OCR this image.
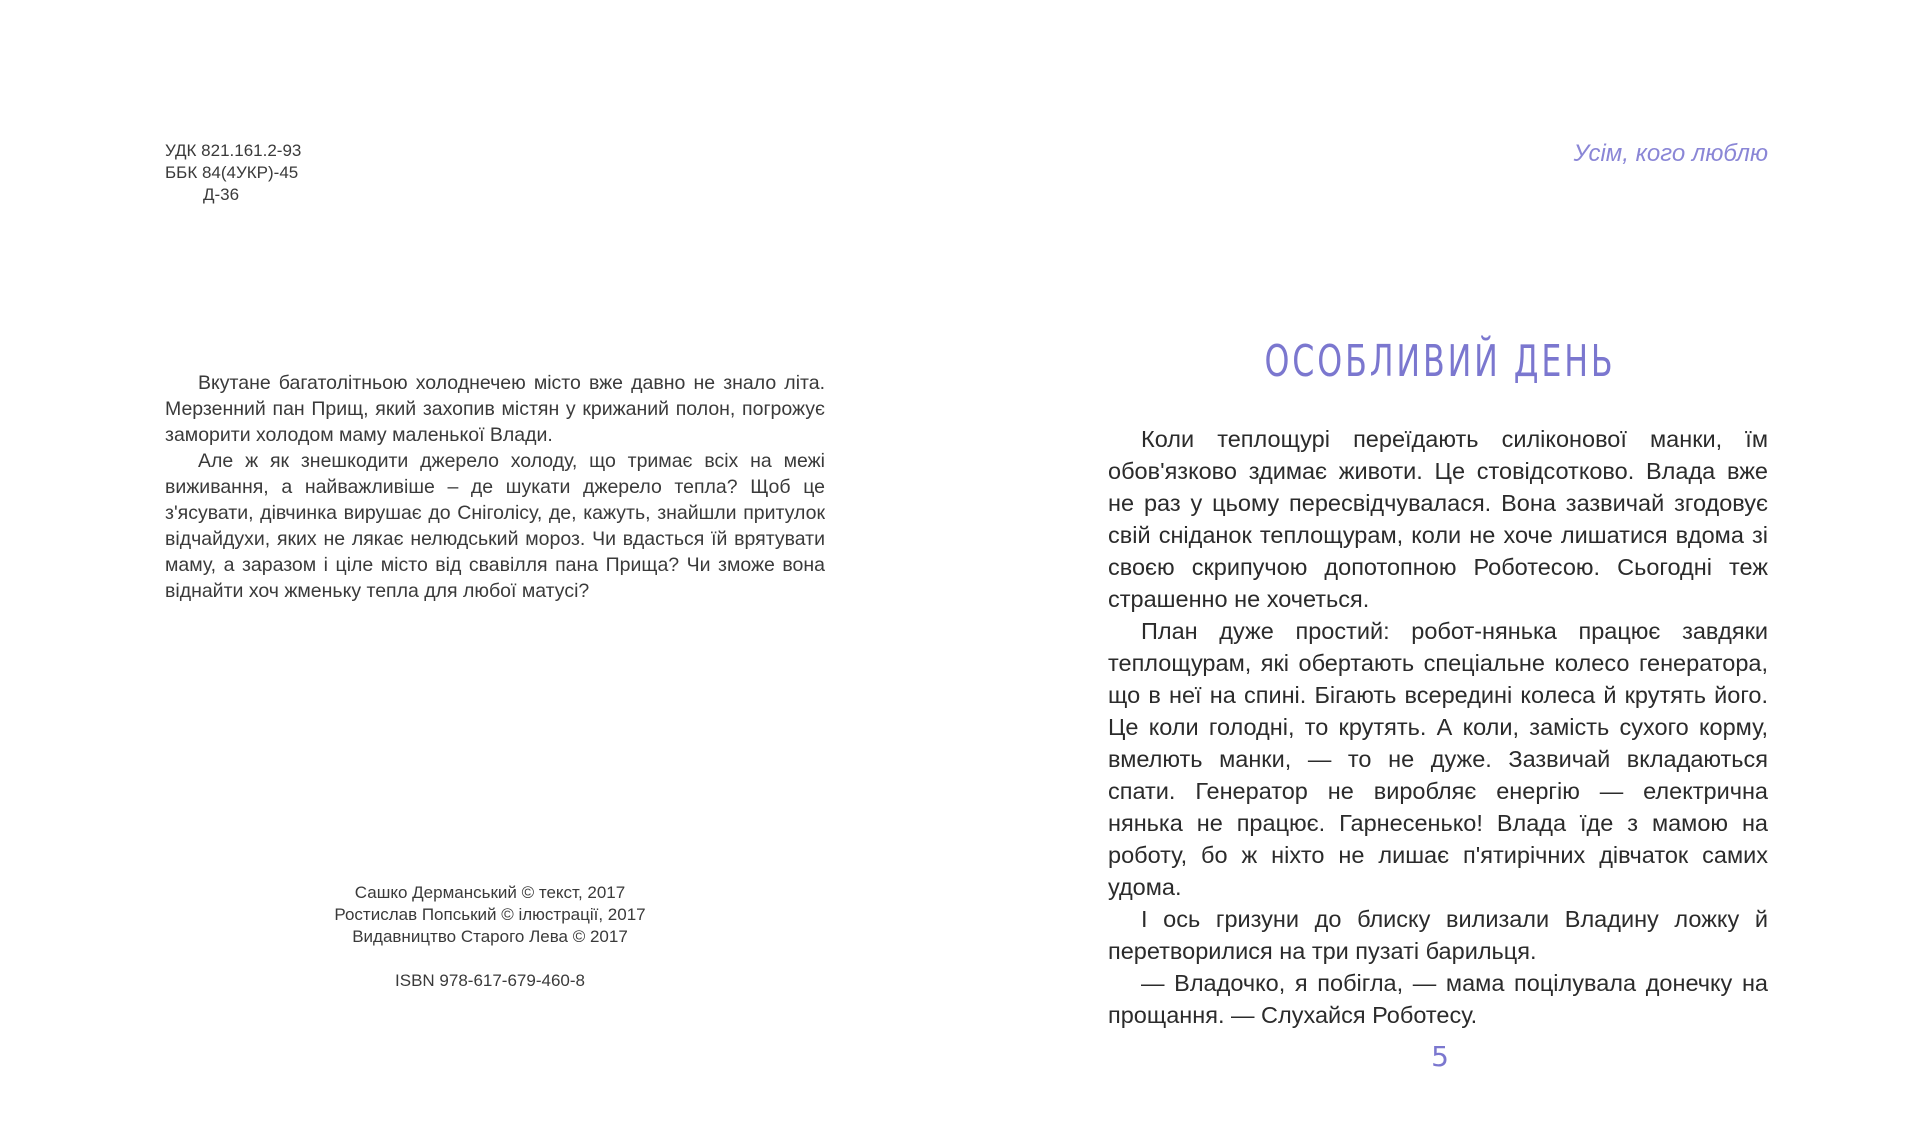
УДК 821.161.2-93
ББК 84(4УКР)-45
Д-36

Вкутане багатолітньою холоднечею місто вже давно не знало літа. Мерзенний пан Прищ, який захопив містян у крижаний полон, погрожує заморити холодом маму маленької Влади.

Але ж як знешкодити джерело холоду, що тримає всіх на межі виживання, а найважливіше – де шукати джерело тепла? Щоб це з'ясувати, дівчинка вирушає до Сніголісу, де, кажуть, знайшли притулок відчайдухи, яких не лякає нелюдський мороз. Чи вдасться їй врятувати маму, а заразом і ціле місто від свавілля пана Прища? Чи зможе вона віднайти хоч жменьку тепла для любої матусі?

Сашко Дерманський © текст, 2017
Ростислав Попський © ілюстрації, 2017
Видавництво Старого Лева © 2017
ISBN 978-617-679-460-8
Усім, кого люблю
ОСОБЛИВИЙ ДЕНЬ

Коли теплощурі переїдають силіконової манки, їм обов'язково здимає животи. Це стовідсотково. Влада вже не раз у цьому пересвідчувалася. Вона зазвичай згодовує свій сніданок теплощурам, коли не хоче лишатися вдома зі своєю скрипучою допотопною Роботесою. Сьогодні теж страшенно не хочеться.

План дуже простий: робот-нянька працює завдяки теплощурам, які обертають спеціальне колесо генератора, що в неї на спині. Бігають всередині колеса й крутять його. Це коли голодні, то крутять. А коли, замість сухого корму, вмелють манки, — то не дуже. Зазвичай вкладаються спати. Генератор не виробляє енергію — електрична нянька не працює. Гарнесенько! Влада їде з мамою на роботу, бо ж ніхто не лишає п'ятирічних дівчаток самих удома.

І ось гризуни до блиску вилизали Владину ложку й перетворилися на три пузаті барильця.

— Владочко, я побігла, — мама поцілувала донечку на прощання. — Слухайся Роботесу.

5
